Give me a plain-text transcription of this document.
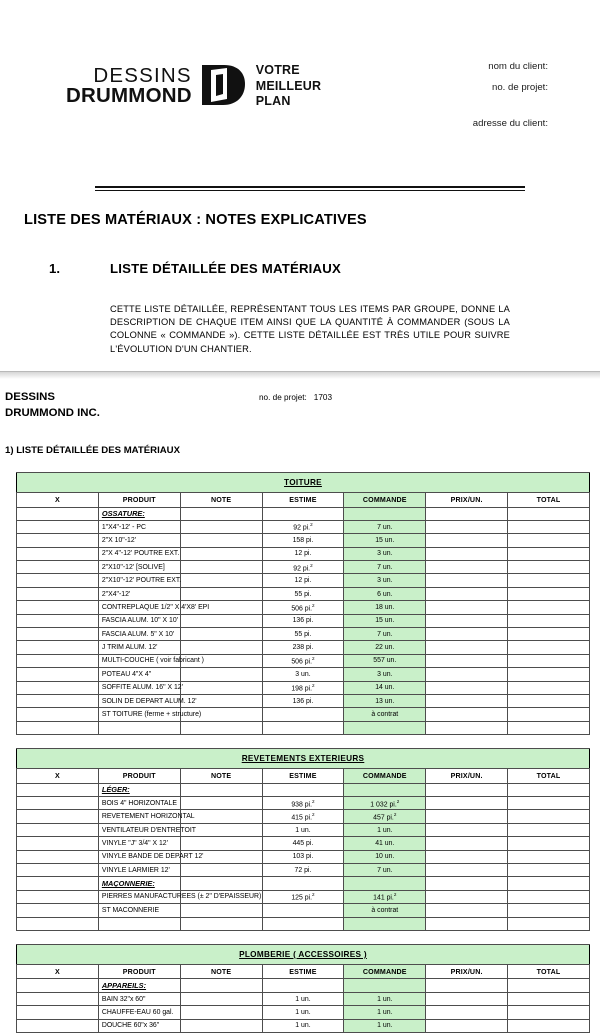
DESSINS
DRUMMOND
VOTRE
MEILLEUR
PLAN
nom du client:
no. de projet:
adresse du client:
LISTE DES MATÉRIAUX : NOTES EXPLICATIVES
1.	LISTE DÉTAILLÉE DES MATÉRIAUX
CETTE LISTE DÉTAILLÉE, REPRÉSENTANT TOUS LES ITEMS PAR GROUPE, DONNE LA DESCRIPTION DE CHAQUE ITEM AINSI QUE LA QUANTITÉ À COMMANDER (SOUS LA COLONNE « COMMANDE »). CETTE LISTE DÉTAILLÉE EST TRÈS UTILE POUR SUIVRE L'ÉVOLUTION D'UN CHANTIER.
DESSINS
DRUMMOND INC.
no. de projet: 1703
1) LISTE DÉTAILLÉE DES MATÉRIAUX
TOITURE						
X	PRODUIT	NOTE	ESTIME	COMMANDE	PRIX/UN.	TOTAL
	OSSATURE:					
	1"X4"-12' - PC		92 pi.$^2$	7 un.		
	2"X 10"-12'		158 pi.	15 un.		
	2"X 4"-12' POUTRE EXT.		12 pi.	3 un.		
	2"X10"-12' [SOLIVE]		92 pi.$^2$	7 un.		
	2"X10"-12' POUTRE EXT.		12 pi.	3 un.		
	2"X4"-12'		55 pi.	6 un.		
	CONTREPLAQUE 1/2" X 4'X8' EPI		506 pi.$^2$	18 un.		
	FASCIA ALUM. 10" X 10'		136 pi.	15 un.		
	FASCIA ALUM. 5" X 10'		55 pi.	7 un.		
	J TRIM ALUM. 12'		238 pi.	22 un.		
	MULTI-COUCHE ( voir fabricant )		506 pi.$^2$	557 un.		
	POTEAU 4"X 4"		3 un.	3 un.		
	SOFFITE ALUM. 16" X 12'		198 pi.$^2$	14 un.		
	SOLIN DE DEPART ALUM. 12'		136 pi.	13 un.		
	ST TOITURE (ferme + structure)			à contrat		

REVETEMENTS EXTERIEURS						
X	PRODUIT	NOTE	ESTIME	COMMANDE	PRIX/UN.	TOTAL
	LÉGER:					
	BOIS 4" HORIZONTALE		938 pi.$^2$	1 032 pi.$^2$		
	REVETEMENT HORIZONTAL		415 pi.$^2$	457 pi.$^2$		
	VENTILATEUR D'ENTRETOIT		1 un.	1 un.		
	VINYLE "J" 3/4" X 12'		445 pi.	41 un.		
	VINYLE BANDE DE DEPART 12'		103 pi.	10 un.		
	VINYLE LARMIER 12'		72 pi.	7 un.		
	MAÇONNERIE:					
	PIERRES MANUFACTUREES (± 2" D'EPAISSEUR)		125 pi.$^2$	141 pi.$^2$		
	ST MACONNERIE			à contrat		

PLOMBERIE ( ACCESSOIRES )						
X	PRODUIT	NOTE	ESTIME	COMMANDE	PRIX/UN.	TOTAL
	APPAREILS:					
	BAIN 32"x 60"		1 un.	1 un.		
	CHAUFFE-EAU 60 gal.		1 un.	1 un.		
	DOUCHE 60"x 36"		1 un.	1 un.		
